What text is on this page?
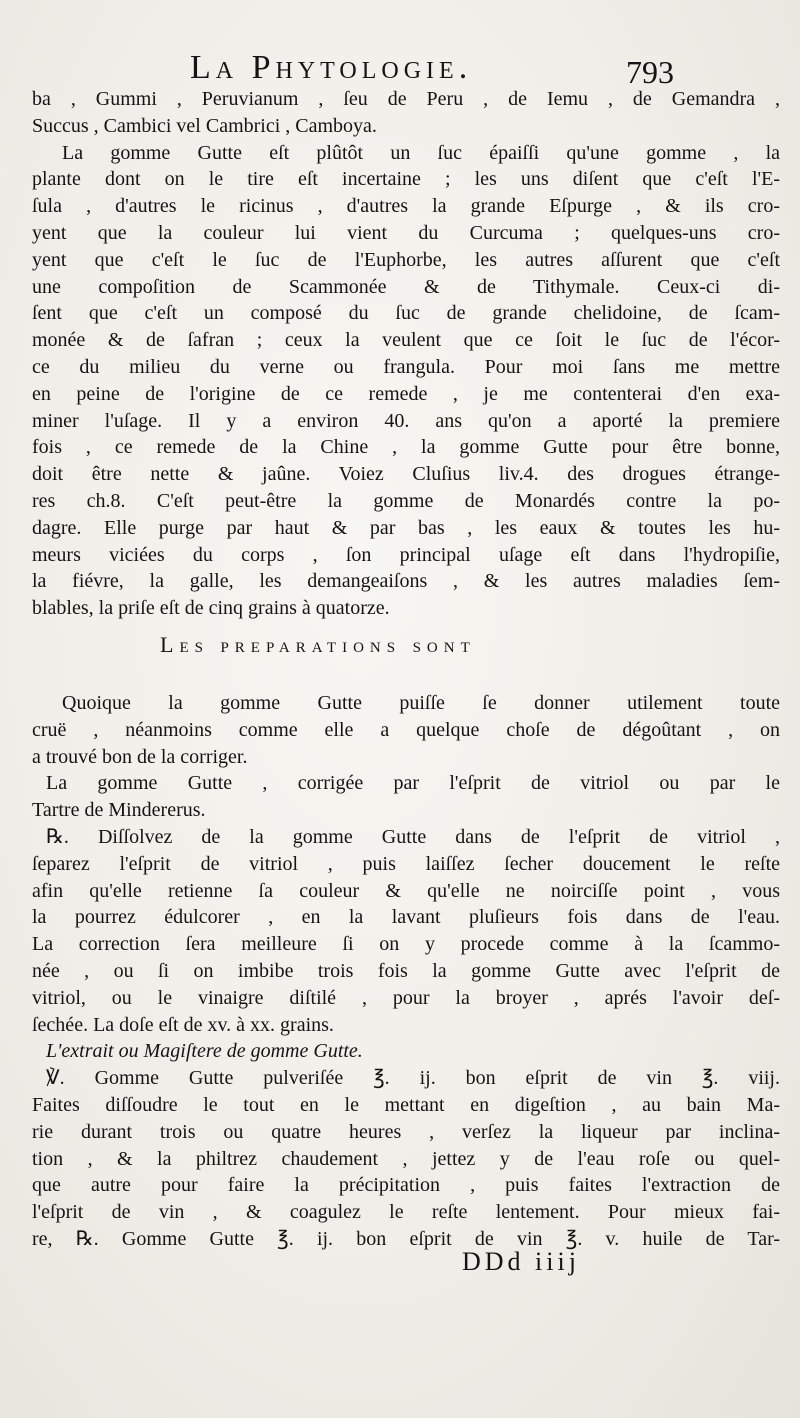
La Phytologie.	793
ba , Gummi , Peruvianum , ſeu de Peru , de Iemu , de Gemandra ,
Succus , Cambici vel Cambrici , Camboya.
La gomme Gutte eſt plûtôt un ſuc épaiſſi qu'une gomme , la
plante dont on le tire eſt incertaine ; les uns diſent que c'eſt l'E-
ſula , d'autres le ricinus , d'autres la grande Eſpurge , & ils cro-
yent que la couleur lui vient du Curcuma ; quelques-uns cro-
yent que c'eſt le ſuc de l'Euphorbe, les autres aſſurent que c'eſt
une compoſition de Scammonée & de Tithymale. Ceux-ci di-
ſent que c'eſt un composé du ſuc de grande chelidoine, de ſcam-
monée & de ſafran ; ceux la veulent que ce ſoit le ſuc de l'écor-
ce du milieu du verne ou frangula. Pour moi ſans me mettre
en peine de l'origine de ce remede , je me contenterai d'en exa-
miner l'uſage. Il y a environ 40. ans qu'on a aporté la premiere
fois , ce remede de la Chine , la gomme Gutte pour être bonne,
doit être nette & jaûne. Voiez Cluſius liv.4. des drogues étrange-
res ch.8. C'eſt peut-être la gomme de Monardés contre la po-
dagre. Elle purge par haut & par bas , les eaux & toutes les hu-
meurs viciées du corps , ſon principal uſage eſt dans l'hydropiſie,
la fiévre, la galle, les demangeaiſons , & les autres maladies ſem-
blables, la priſe eſt de cinq grains à quatorze.
Les preparations sont
Quoique la gomme Gutte puiſſe ſe donner utilement toute
cruë , néanmoins comme elle a quelque choſe de dégoûtant , on
a trouvé bon de la corriger.
La gomme Gutte , corrigée par l'eſprit de vitriol ou par le
Tartre de Mindererus.
℞. Diſſolvez de la gomme Gutte dans de l'eſprit de vitriol ,
ſeparez l'eſprit de vitriol , puis laiſſez ſecher doucement le reſte
afin qu'elle retienne ſa couleur & qu'elle ne noirciſſe point , vous
la pourrez édulcorer , en la lavant pluſieurs fois dans de l'eau.
La correction ſera meilleure ſi on y procede comme à la ſcammo-
née , ou ſi on imbibe trois fois la gomme Gutte avec l'eſprit de
vitriol, ou le vinaigre diſtilé , pour la broyer , aprés l'avoir deſ-
ſechée. La doſe eſt de xv. à xx. grains.
L'extrait ou Magiſtere de gomme Gutte.
℣. Gomme Gutte pulveriſée ℥. ij. bon eſprit de vin ℥. viij.
Faites diſſoudre le tout en le mettant en digeſtion , au bain Ma-
rie durant trois ou quatre heures , verſez la liqueur par inclina-
tion , & la philtrez chaudement , jettez y de l'eau roſe ou quel-
que autre pour faire la précipitation , puis faites l'extraction de
l'eſprit de vin , & coagulez le reſte lentement. Pour mieux fai-
re, ℞. Gomme Gutte ℥. ij. bon eſprit de vin ℥. v. huile de Tar-
DDd iiij
